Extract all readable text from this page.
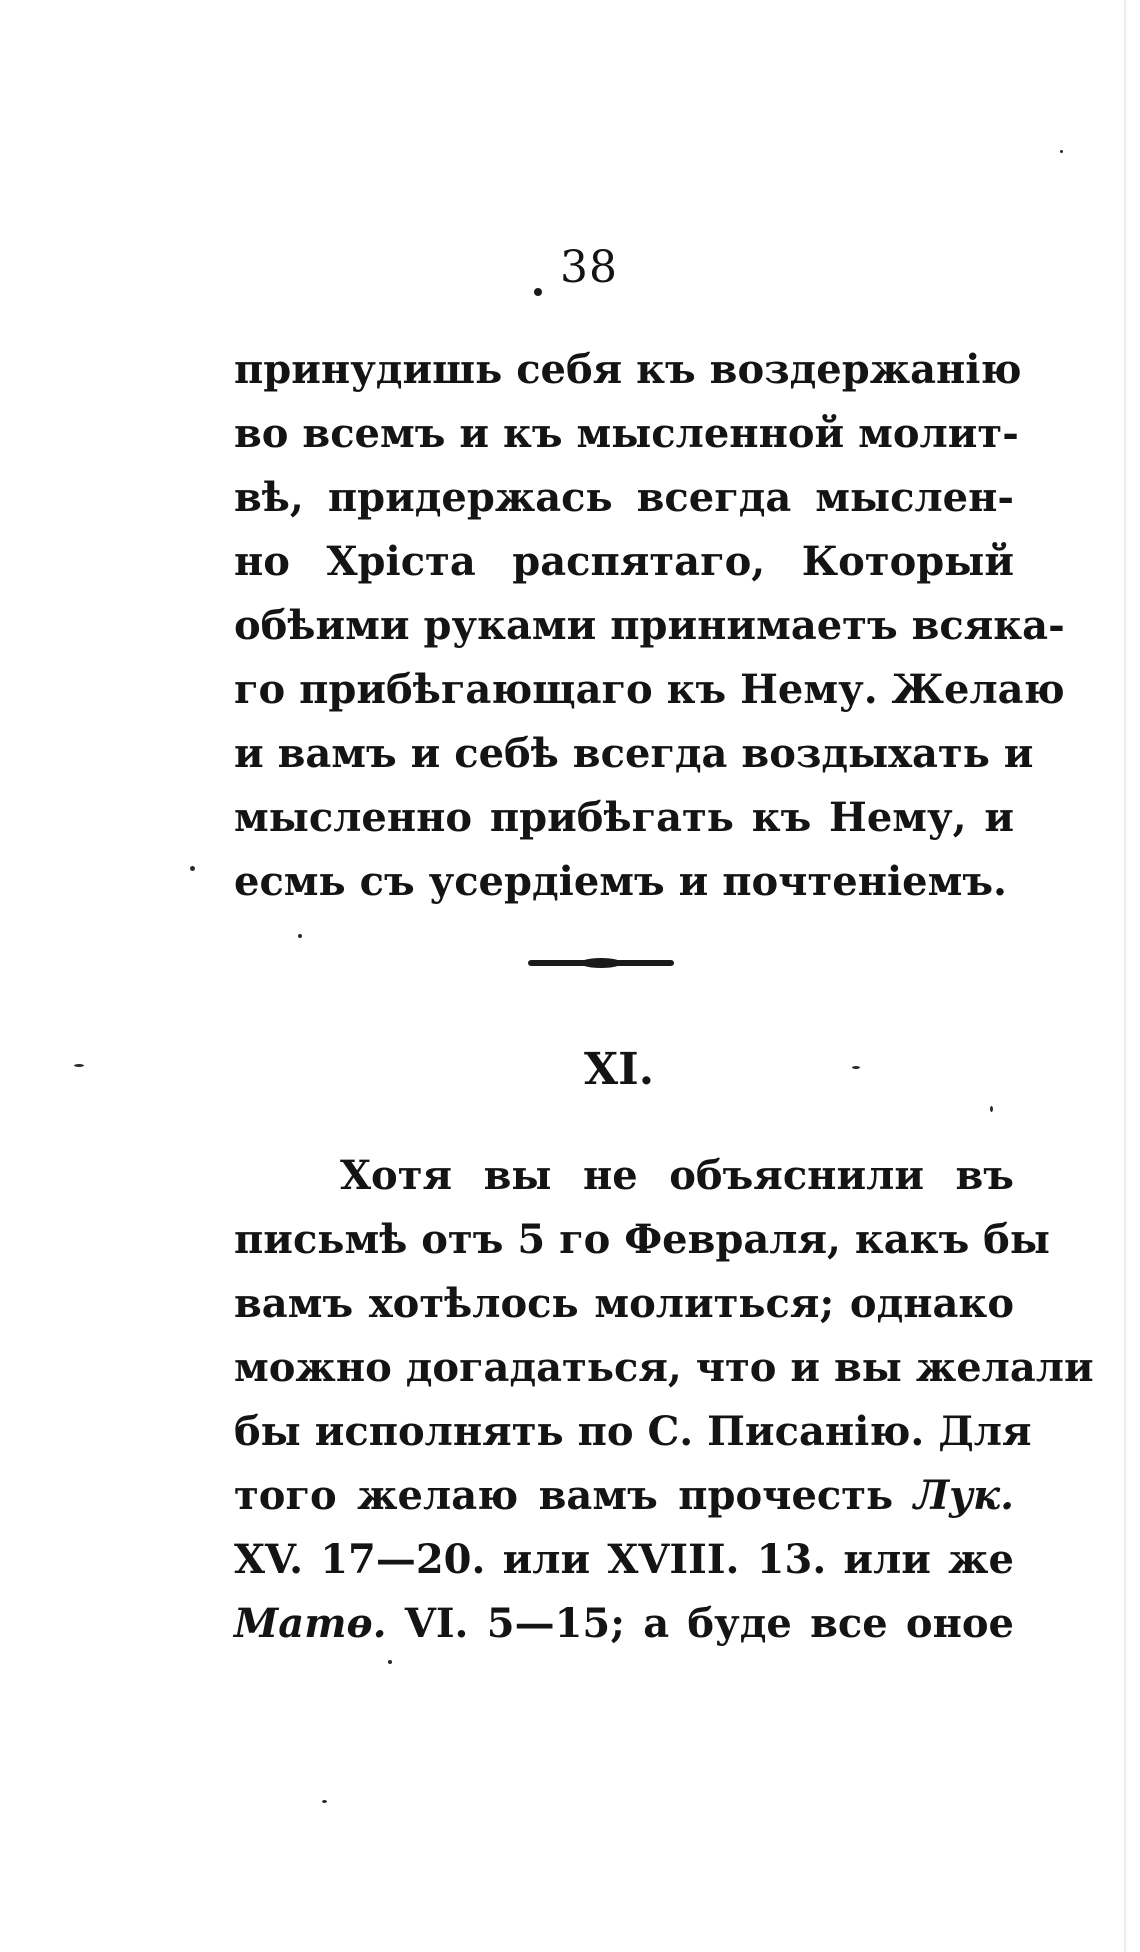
38
принудишь себя къ воздержанію
во всемъ и къ мысленной молит-
вѣ, придержась всегда мыслен-
но Хріста распятаго, Который
обѣими руками принимаетъ всяка-
го прибѣгающаго къ Нему. Желаю
и вамъ и себѣ всегда воздыхать и
мысленно прибѣгать къ Нему, и
есмь съ усердіемъ и почтеніемъ.
XI.
Хотя вы не объяснили въ
письмѣ отъ 5 го Февраля, какъ бы
вамъ хотѣлось молиться; однако
можно догадаться, что и вы желали
бы исполнять по С. Писанію. Для
того желаю вамъ прочесть Лук.
XV. 17—20. или XVIII. 13. или же
Матѳ. VI. 5—15; а буде все оное
